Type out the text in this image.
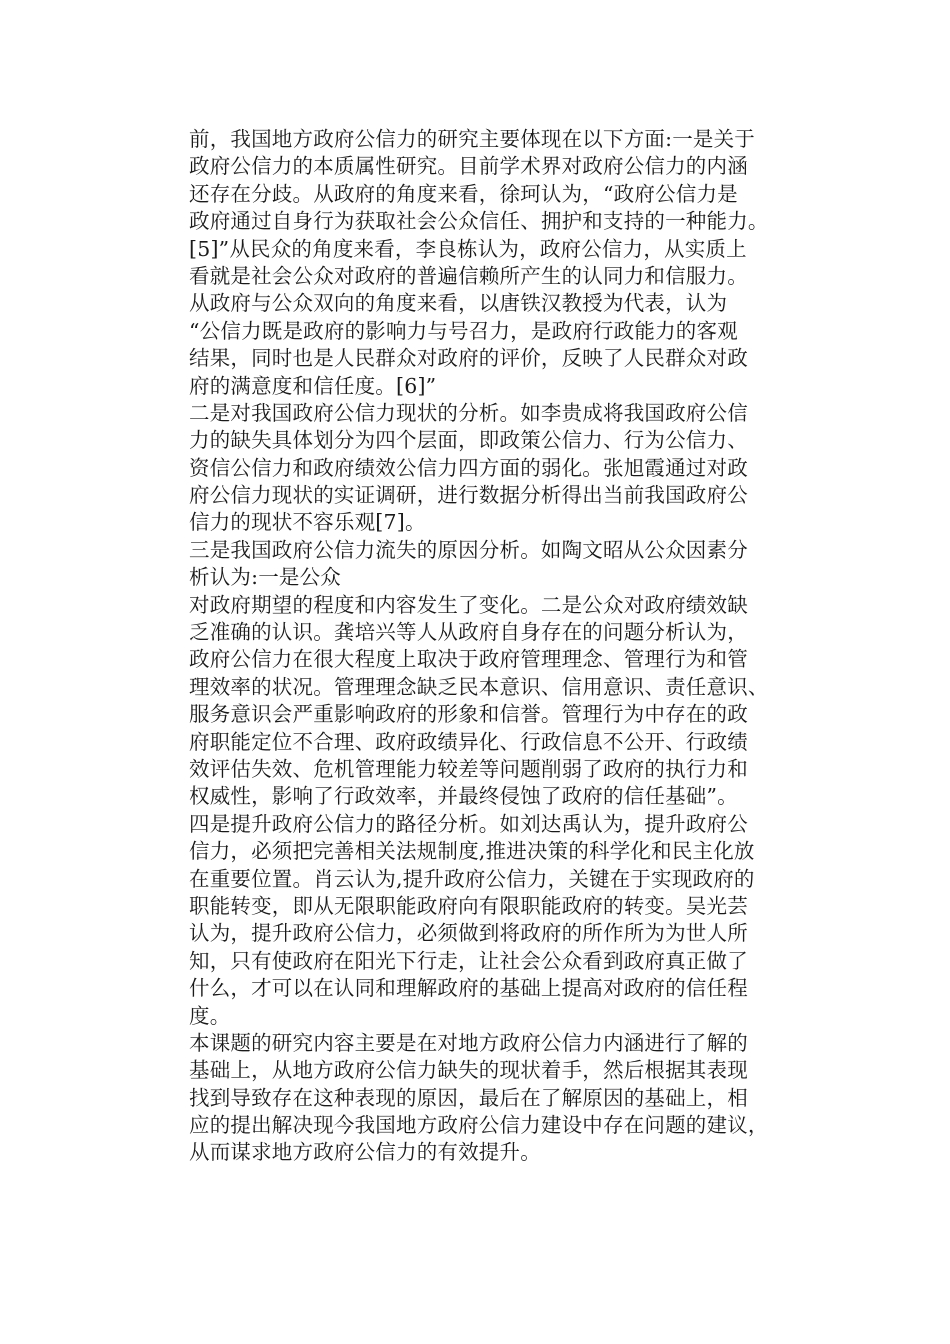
前，我国地方政府公信力的研究主要体现在以下方面:一是关于
政府公信力的本质属性研究。目前学术界对政府公信力的内涵
还存在分歧。从政府的角度来看，徐珂认为，“政府公信力是
政府通过自身行为获取社会公众信任、拥护和支持的一种能力。
[5]”从民众的角度来看，李良栋认为，政府公信力，从实质上
看就是社会公众对政府的普遍信赖所产生的认同力和信服力。
从政府与公众双向的角度来看，以唐铁汉教授为代表，认为
“公信力既是政府的影响力与号召力，是政府行政能力的客观
结果，同时也是人民群众对政府的评价，反映了人民群众对政
府的满意度和信任度。[6]”
二是对我国政府公信力现状的分析。如李贵成将我国政府公信
力的缺失具体划分为四个层面，即政策公信力、行为公信力、
资信公信力和政府绩效公信力四方面的弱化。张旭霞通过对政
府公信力现状的实证调研，进行数据分析得出当前我国政府公
信力的现状不容乐观[7]。
三是我国政府公信力流失的原因分析。如陶文昭从公众因素分
析认为:一是公众
对政府期望的程度和内容发生了变化。二是公众对政府绩效缺
乏准确的认识。龚培兴等人从政府自身存在的问题分析认为，
政府公信力在很大程度上取决于政府管理理念、管理行为和管
理效率的状况。管理理念缺乏民本意识、信用意识、责任意识、
服务意识会严重影响政府的形象和信誉。管理行为中存在的政
府职能定位不合理、政府政绩异化、行政信息不公开、行政绩
效评估失效、危机管理能力较差等问题削弱了政府的执行力和
权威性，影响了行政效率，并最终侵蚀了政府的信任基础”。
四是提升政府公信力的路径分析。如刘达禹认为，提升政府公
信力，必须把完善相关法规制度,推进决策的科学化和民主化放
在重要位置。肖云认为,提升政府公信力，关键在于实现政府的
职能转变，即从无限职能政府向有限职能政府的转变。吴光芸
认为，提升政府公信力，必须做到将政府的所作所为为世人所
知，只有使政府在阳光下行走，让社会公众看到政府真正做了
什么，才可以在认同和理解政府的基础上提高对政府的信任程
度。
本课题的研究内容主要是在对地方政府公信力内涵进行了解的
基础上，从地方政府公信力缺失的现状着手，然后根据其表现
找到导致存在这种表现的原因，最后在了解原因的基础上，相
应的提出解决现今我国地方政府公信力建设中存在问题的建议，
从而谋求地方政府公信力的有效提升。
